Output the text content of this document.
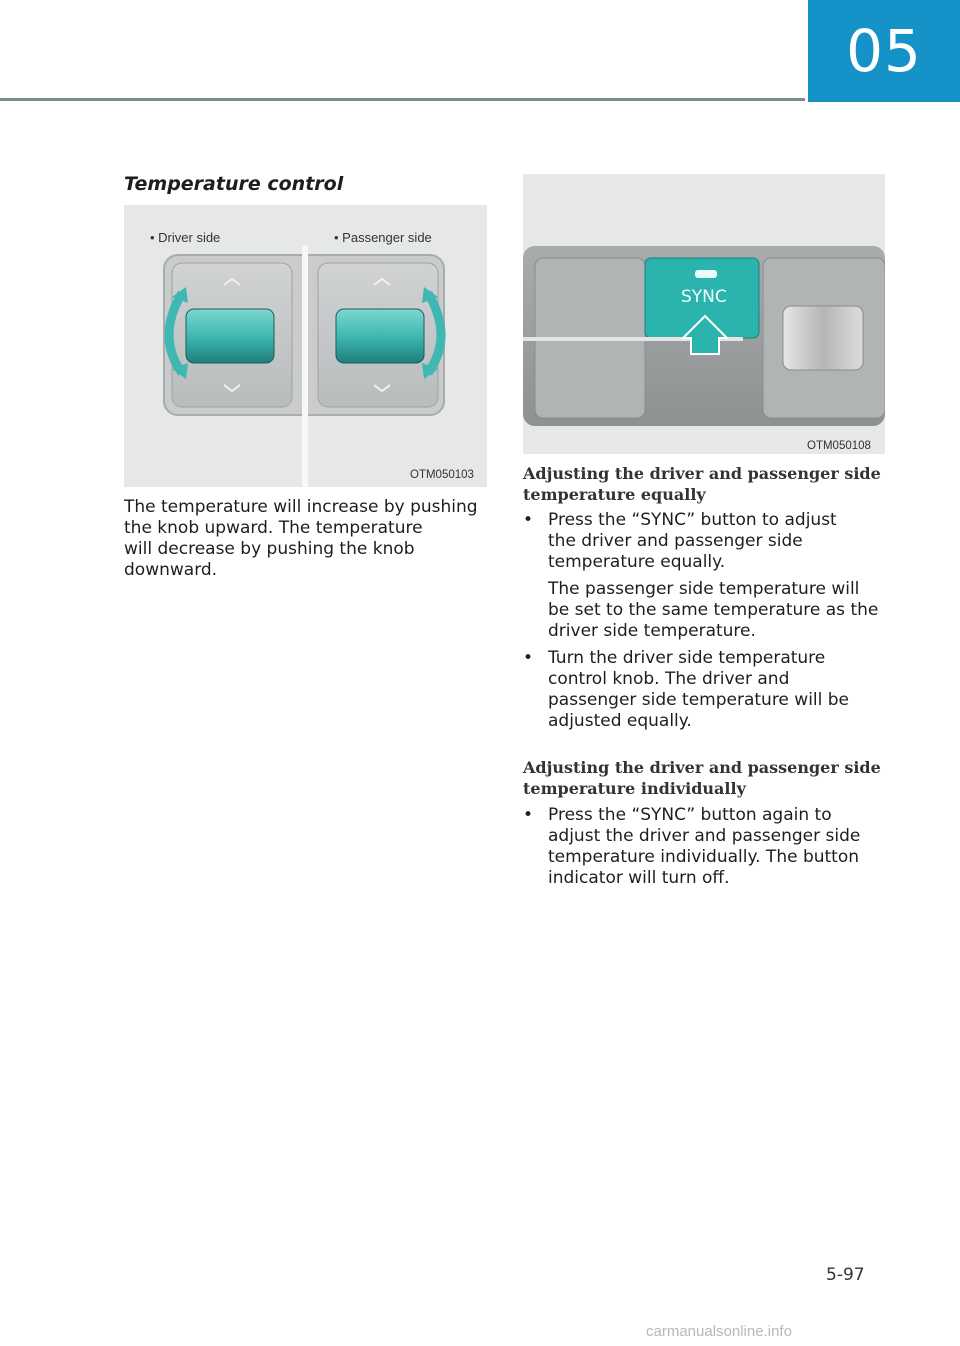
05
Temperature control
• Driver side	• Passenger side
OTM050103
SYNC
OTM050108
The temperature will increase by pushing
the knob upward. The temperature
will decrease by pushing the knob
downward.
Adjusting the driver and passenger side
temperature equally
• Press the “SYNC” button to adjust
the driver and passenger side
temperature equally.
The passenger side temperature will
be set to the same temperature as the
driver side temperature.
• Turn the driver side temperature
control knob. The driver and
passenger side temperature will be
adjusted equally.
Adjusting the driver and passenger side
temperature individually
• Press the “SYNC” button again to
adjust the driver and passenger side
temperature individually. The button
indicator will turn off.
5-97
carmanualsonline.info
